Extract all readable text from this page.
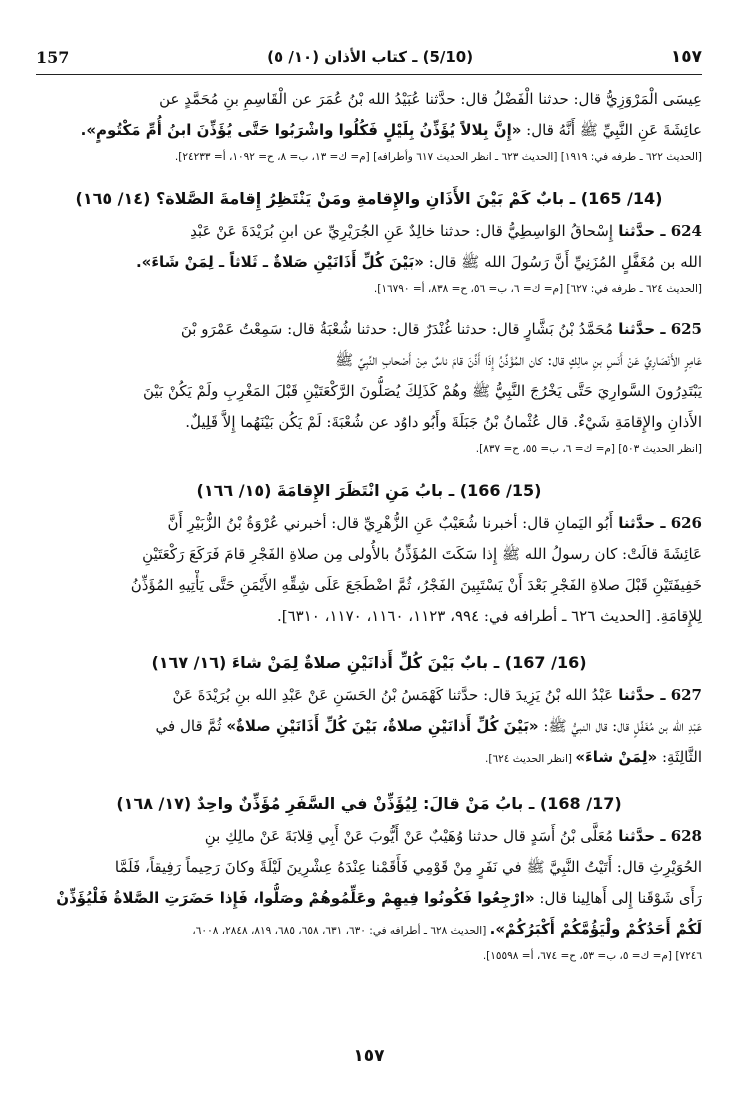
157	(5/10) ـ كتاب الأذان (١٠/ ٥)	١٥٧

عِيسَى الْمَرْوَزِيُّ قال: حدثنا الْفَضْلُ قال: حدَّثنا عُبَيْدُ الله بْنُ عُمَرَ عن الْقَاسِمِ بنِ مُحَمَّدٍ عن

عائِشَةَ عَنِ النَّبِيِّ ﷺ أَنَّهُ قال: «إِنَّ بِلالاً يُؤَذِّنُ بِلَيْلٍ فَكُلُوا واشْرَبُوا حَتَّى يُؤَذِّنَ ابنُ أُمِّ مَكْتُومٍ».

[الحديث ٦٢٢ ـ طرفه في: ١٩١٩] [الحديث ٦٢٣ ـ انظر الحديث ٦١٧ وأطرافه] [م= ك= ١٣، ب= ٨، ح= ١٠٩٢، أ= ٢٤٢٣٣].

(14/ 165) ـ بابٌ كَمْ بَيْنَ الأَذَانِ والإِقامةِ ومَنْ يَنْتَظِرُ إِقامةَ الصَّلاة؟ (١٤/ ١٦٥)

624 ـ حدَّثنا إِسْحاقُ الوَاسِطِيُّ قال: حدثنا خالِدٌ عَنِ الجُرَيْرِيِّ عن ابنِ بُرَيْدَةَ عَنْ عَبْدِ

الله بن مُغَفَّلٍ المُزَنِيِّ أَنَّ رَسُولَ الله ﷺ قال: «بَيْنَ كُلِّ أَذَانَيْنِ صَلاةٌ ـ ثَلاثاً ـ لِمَنْ شَاءَ».

[الحديث ٦٢٤ ـ طرفه في: ٦٢٧] [م= ك= ٦، ب= ٥٦، ح= ٨٣٨، أ= ١٦٧٩٠].

625 ـ حدَّثنا مُحَمَّدُ بْنُ بَشَّارٍ قال: حدثنا غُنْدَرٌ قال: حدثنا شُعْبَةُ قال: سَمِعْتُ عَمْرَو بْنَ

عَامِرٍ الأَنْصَارِيَّ عَنْ أَنَسِ بنِ مالِكٍ قال: كان المُؤَذِّنُ إِذَا أَذَّنَ قامَ ناسٌ مِنْ أَصْحابِ النَّبِيِّ ﷺ

يَبْتَدِرُونَ السَّوارِيَ حَتَّى يَخْرُجَ النَّبِيُّ ﷺ وهُمْ كَذَلِكَ يُصَلُّونَ الرَّكْعَتَيْنِ قَبْلَ المَغْرِبِ ولَمْ يَكُنْ بَيْنَ

الأَذانِ والإِقامَةِ شَيْءٌ. قال عُثْمانُ بْنُ جَبَلَةَ وأَبُو داوُد عن شُعْبَةَ: لَمْ يَكُن بَيْنَهُما إِلاَّ قَلِيلٌ.

[انظر الحديث ٥٠٣] [م= ك= ٦، ب= ٥٥، ح= ٨٣٧].

(15/ 166) ـ بابُ مَنِ انْتَظَرَ الإِقامَةَ (١٥/ ١٦٦)

626 ـ حدَّثنا أَبُو اليَمانِ قال: أخبرنا شُعَيْبٌ عَنِ الزُّهْرِيِّ قال: أخبرني عُرْوَةُ بْنُ الزُّبَيْرِ أَنَّ

عَائِشَةَ قالَتْ: كان رسولُ الله ﷺ إِذا سَكَتَ المُؤَذِّنُ بالأُولى مِن صلاةِ الفَجْرِ قامَ فَرَكَعَ رَكْعَتَيْنِ

خَفِيفَتَيْنِ قَبْلَ صلاةِ الفَجْرِ بَعْدَ أَنْ يَسْتَبِينَ الفَجْرُ، ثُمَّ اضْطَجَعَ عَلَى شِقِّهِ الأَيْمَنِ حَتَّى يَأْتِيهِ المُؤَذِّنُ

لِلإِقامَةِ. [الحديث ٦٢٦ ـ أطرافه في: ٩٩٤، ١١٢٣، ١١٦٠، ١١٧٠، ٦٣١٠].

(16/ 167) ـ بابٌ بَيْنَ كُلِّ أَذانَيْنِ صلاةٌ لِمَنْ شاءَ (١٦/ ١٦٧)

627 ـ حدَّثنا عَبْدُ الله بْنُ يَزِيدَ قال: حدَّثنا كَهْمَسُ بْنُ الحَسَنِ عَنْ عَبْدِ الله بنِ بُرَيْدَةَ عَنْ

عَبْدِ الله بن مُغَفَّلٍ قال: قال النبيُّ ﷺ: «بَيْنَ كُلِّ أَذانَيْنِ صلاةٌ، بَيْنَ كُلِّ أَذَانَيْنِ صلاةٌ» ثُمَّ قال في

الثَّالِثَةِ: «لِمَنْ شاءَ» [انظر الحديث ٦٢٤].

(17/ 168) ـ بابُ مَنْ قالَ: لِيُؤَذِّنْ في السَّفَرِ مُؤَذِّنٌ واحِدٌ (١٧/ ١٦٨)

628 ـ حدَّثنا مُعَلَّى بْنُ أَسَدٍ قال حدثنا وُهَيْبٌ عَنْ أَيُّوبَ عَنْ أَبِي قِلابَةَ عَنْ مالِكِ بنِ

الحُوَيْرِثِ قال: أَتَيْتُ النَّبِيَّ ﷺ في نَفَرٍ مِنْ قَوْمِي فَأَقَمْنا عِنْدَهُ عِشْرِينَ لَيْلَةً وكانَ رَحِيماً رَفِيقاً، فَلَمَّا

رَأَى شَوْقَنا إِلى أَهالِينا قال: «ارْجِعُوا فَكُونُوا فِيهِمْ وعَلِّمُوهُمْ وصَلُّوا، فَإِذا حَضَرَتِ الصَّلاةُ فَلْيُؤَذِّنْ

لَكُمْ أَحَدُكُمْ ولْيَؤُمَّكُمْ أَكْبَرُكُمْ». [الحديث ٦٢٨ ـ أطرافه في: ٦٣٠، ٦٣١، ٦٥٨، ٦٨٥، ٨١٩، ٢٨٤٨، ٦٠٠٨،

٧٢٤٦] [م= ك= ٥، ب= ٥٣، ح= ٦٧٤، أ= ١٥٥٩٨].

١٥٧
